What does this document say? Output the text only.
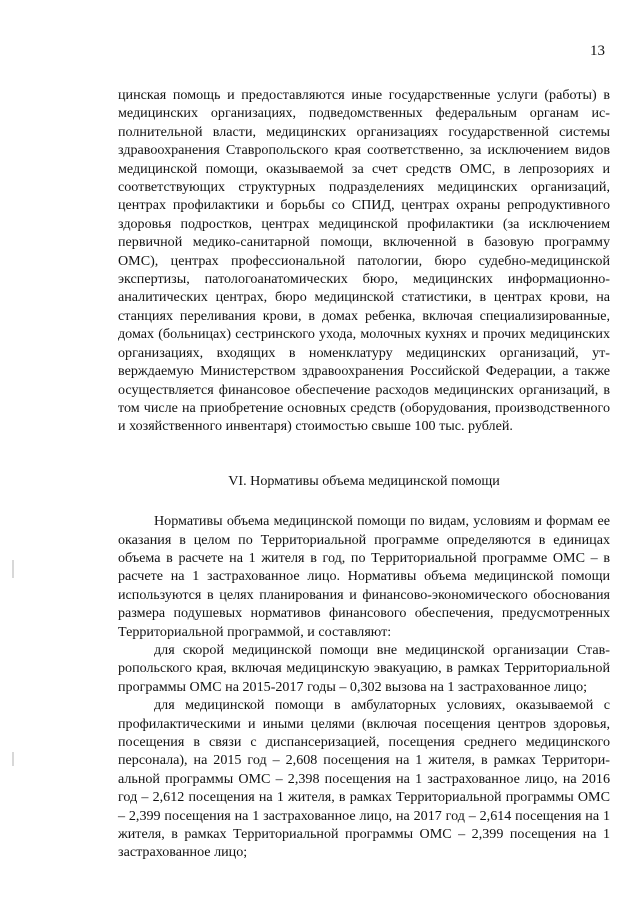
13

цинская помощь и предоставляются иные государственные услуги (работы) в медицинских организациях, подведомственных федеральным органам исполнительной власти, медицинских организациях государственной системы здравоохранения Ставропольского края соответственно, за исключением видов медицинской помощи, оказываемой за счет средств ОМС, в лепрозориях и соответствующих структурных подразделениях медицинских организаций, центрах профилактики и борьбы со СПИД, центрах охраны репродуктивного здоровья подростков, центрах медицинской профилактики (за исключением первичной медико-санитарной помощи, включенной в базовую программу ОМС), центрах профессиональной патологии, бюро судебно-медицинской экспертизы, патологоанатомических бюро, медицинских информационно-аналитических центрах, бюро медицинской статистики, в центрах крови, на станциях переливания крови, в домах ребенка, включая специализированные, домах (больницах) сестринского ухода, молочных кухнях и прочих медицинских организациях, входящих в номенклатуру медицинских организаций, утверждаемую Министерством здравоохранения Российской Федерации, а также осуществляется финансовое обеспечение расходов медицинских организаций, в том числе на приобретение основных средств (оборудования, производственного и хозяйственного инвентаря) стоимостью свыше 100 тыс. рублей.

VI. Нормативы объема медицинской помощи

Нормативы объема медицинской помощи по видам, условиям и формам ее оказания в целом по Территориальной программе определяются в единицах объема в расчете на 1 жителя в год, по Территориальной программе ОМС – в расчете на 1 застрахованное лицо. Нормативы объема медицинской помощи используются в целях планирования и финансово-экономического обоснования размера подушевых нормативов финансового обеспечения, предусмотренных Территориальной программой, и составляют:

для скорой медицинской помощи вне медицинской организации Ставропольского края, включая медицинскую эвакуацию, в рамках Территориальной программы ОМС на 2015-2017 годы – 0,302 вызова на 1 застрахованное лицо;

для медицинской помощи в амбулаторных условиях, оказываемой с профилактическими и иными целями (включая посещения центров здоровья, посещения в связи с диспансеризацией, посещения среднего медицинского персонала), на 2015 год – 2,608 посещения на 1 жителя, в рамках Территориальной программы ОМС – 2,398 посещения на 1 застрахованное лицо, на 2016 год – 2,612 посещения на 1 жителя, в рамках Территориальной программы ОМС – 2,399 посещения на 1 застрахованное лицо, на 2017 год – 2,614 посещения на 1 жителя, в рамках Территориальной программы ОМС – 2,399 посещения на 1 застрахованное лицо;
